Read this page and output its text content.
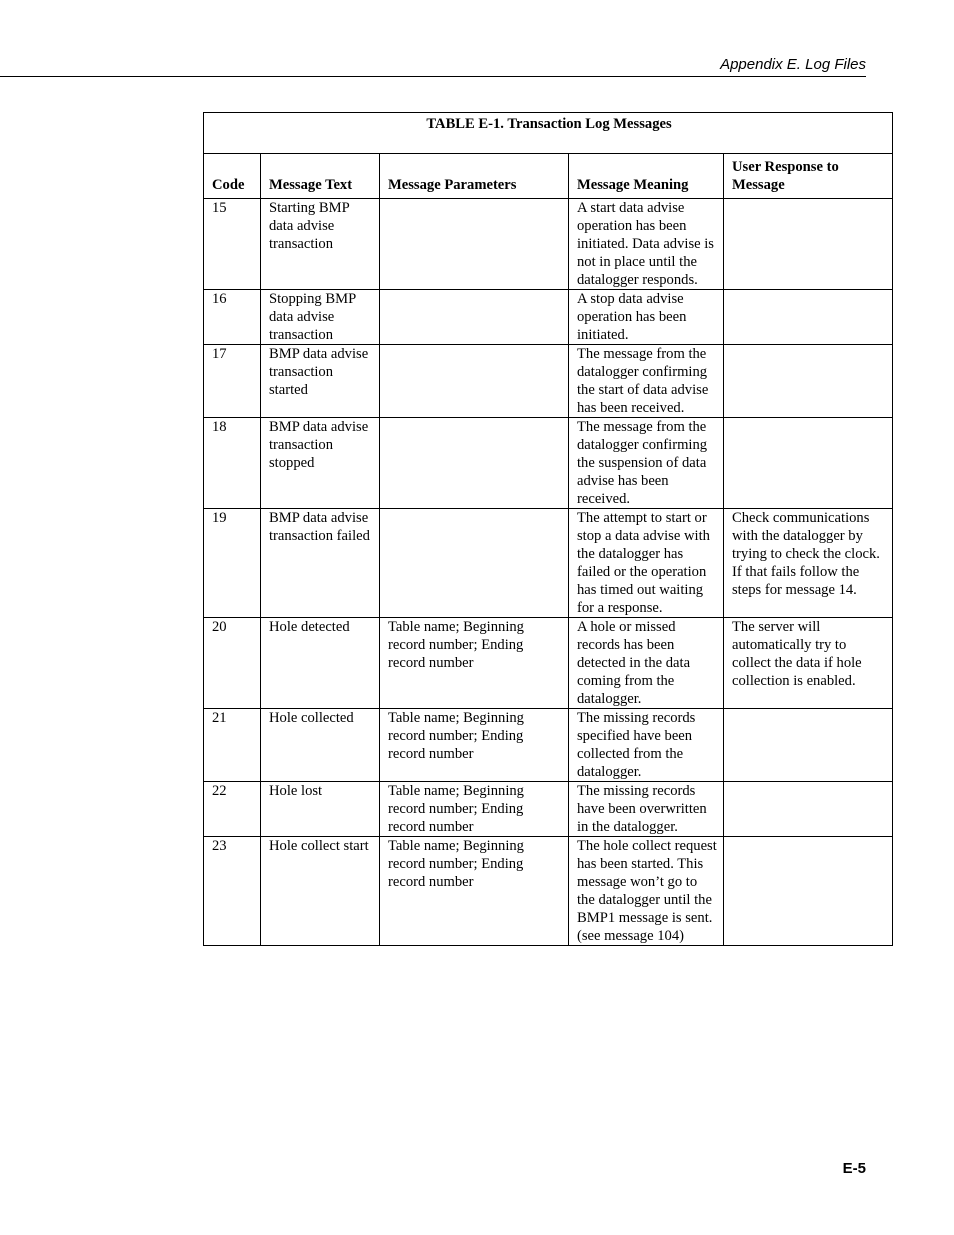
Appendix E. Log Files
TABLE E-1. Transaction Log Messages				
Code	Message Text	Message Parameters	Message Meaning	User Response to Message
15	Starting BMP data advise transaction		A start data advise operation has been initiated. Data advise is not in place until the datalogger responds.	
16	Stopping BMP data advise transaction		A stop data advise operation has been initiated.	
17	BMP data advise transaction started		The message from the datalogger confirming the start of data advise has been received.	
18	BMP data advise transaction stopped		The message from the datalogger confirming the suspension of data advise has been received.	
19	BMP data advise transaction failed		The attempt to start or stop a data advise with the datalogger has failed or the operation has timed out waiting for a response.	Check communications with the datalogger by trying to check the clock. If that fails follow the steps for message 14.
20	Hole detected	Table name; Beginning record number; Ending record number	A hole or missed records has been detected in the data coming from the datalogger.	The server will automatically try to collect the data if hole collection is enabled.
21	Hole collected	Table name; Beginning record number; Ending record number	The missing records specified have been collected from the datalogger.	
22	Hole lost	Table name; Beginning record number; Ending record number	The missing records have been overwritten in the datalogger.	
23	Hole collect start	Table name; Beginning record number; Ending record number	The hole collect request has been started. This message won’t go to the datalogger until the BMP1 message is sent. (see message 104)	
E-5
